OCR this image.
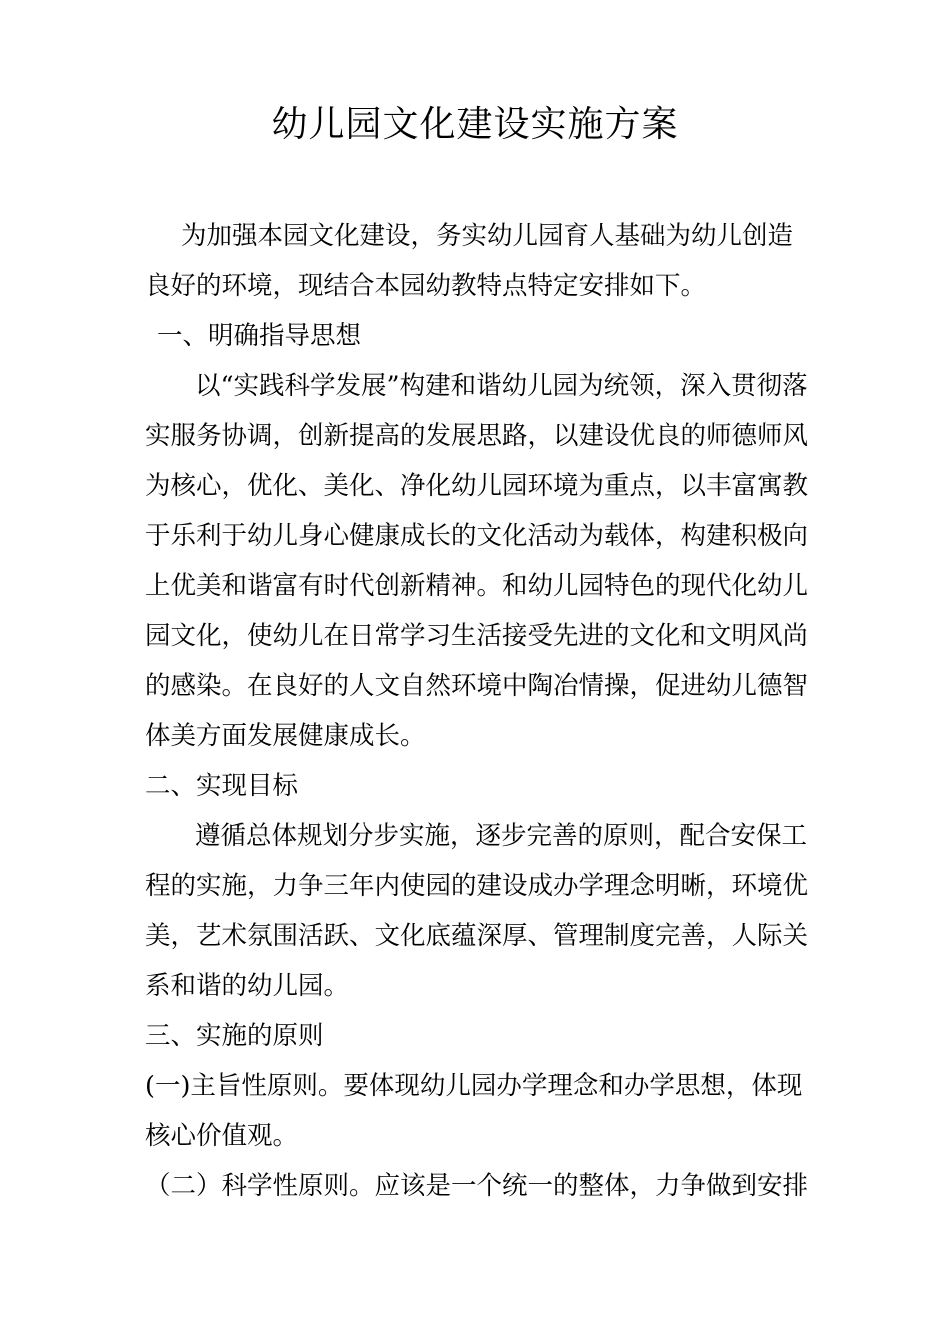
幼儿园文化建设实施方案

为加强本园文化建设，务实幼儿园育人基础为幼儿创造

良好的环境，现结合本园幼教特点特定安排如下。

一、明确指导思想

以“实践科学发展”构建和谐幼儿园为统领，深入贯彻落

实服务协调，创新提高的发展思路，以建设优良的师德师风

为核心，优化、美化、净化幼儿园环境为重点，以丰富寓教

于乐利于幼儿身心健康成长的文化活动为载体，构建积极向

上优美和谐富有时代创新精神。和幼儿园特色的现代化幼儿

园文化，使幼儿在日常学习生活接受先进的文化和文明风尚

的感染。在良好的人文自然环境中陶冶情操，促进幼儿德智

体美方面发展健康成长。

二、实现目标

遵循总体规划分步实施，逐步完善的原则，配合安保工

程的实施，力争三年内使园的建设成办学理念明晰，环境优

美，艺术氛围活跃、文化底蕴深厚、管理制度完善，人际关

系和谐的幼儿园。

三、实施的原则

(一)主旨性原则。要体现幼儿园办学理念和办学思想，体现

核心价值观。

（二）科学性原则。应该是一个统一的整体，力争做到安排
